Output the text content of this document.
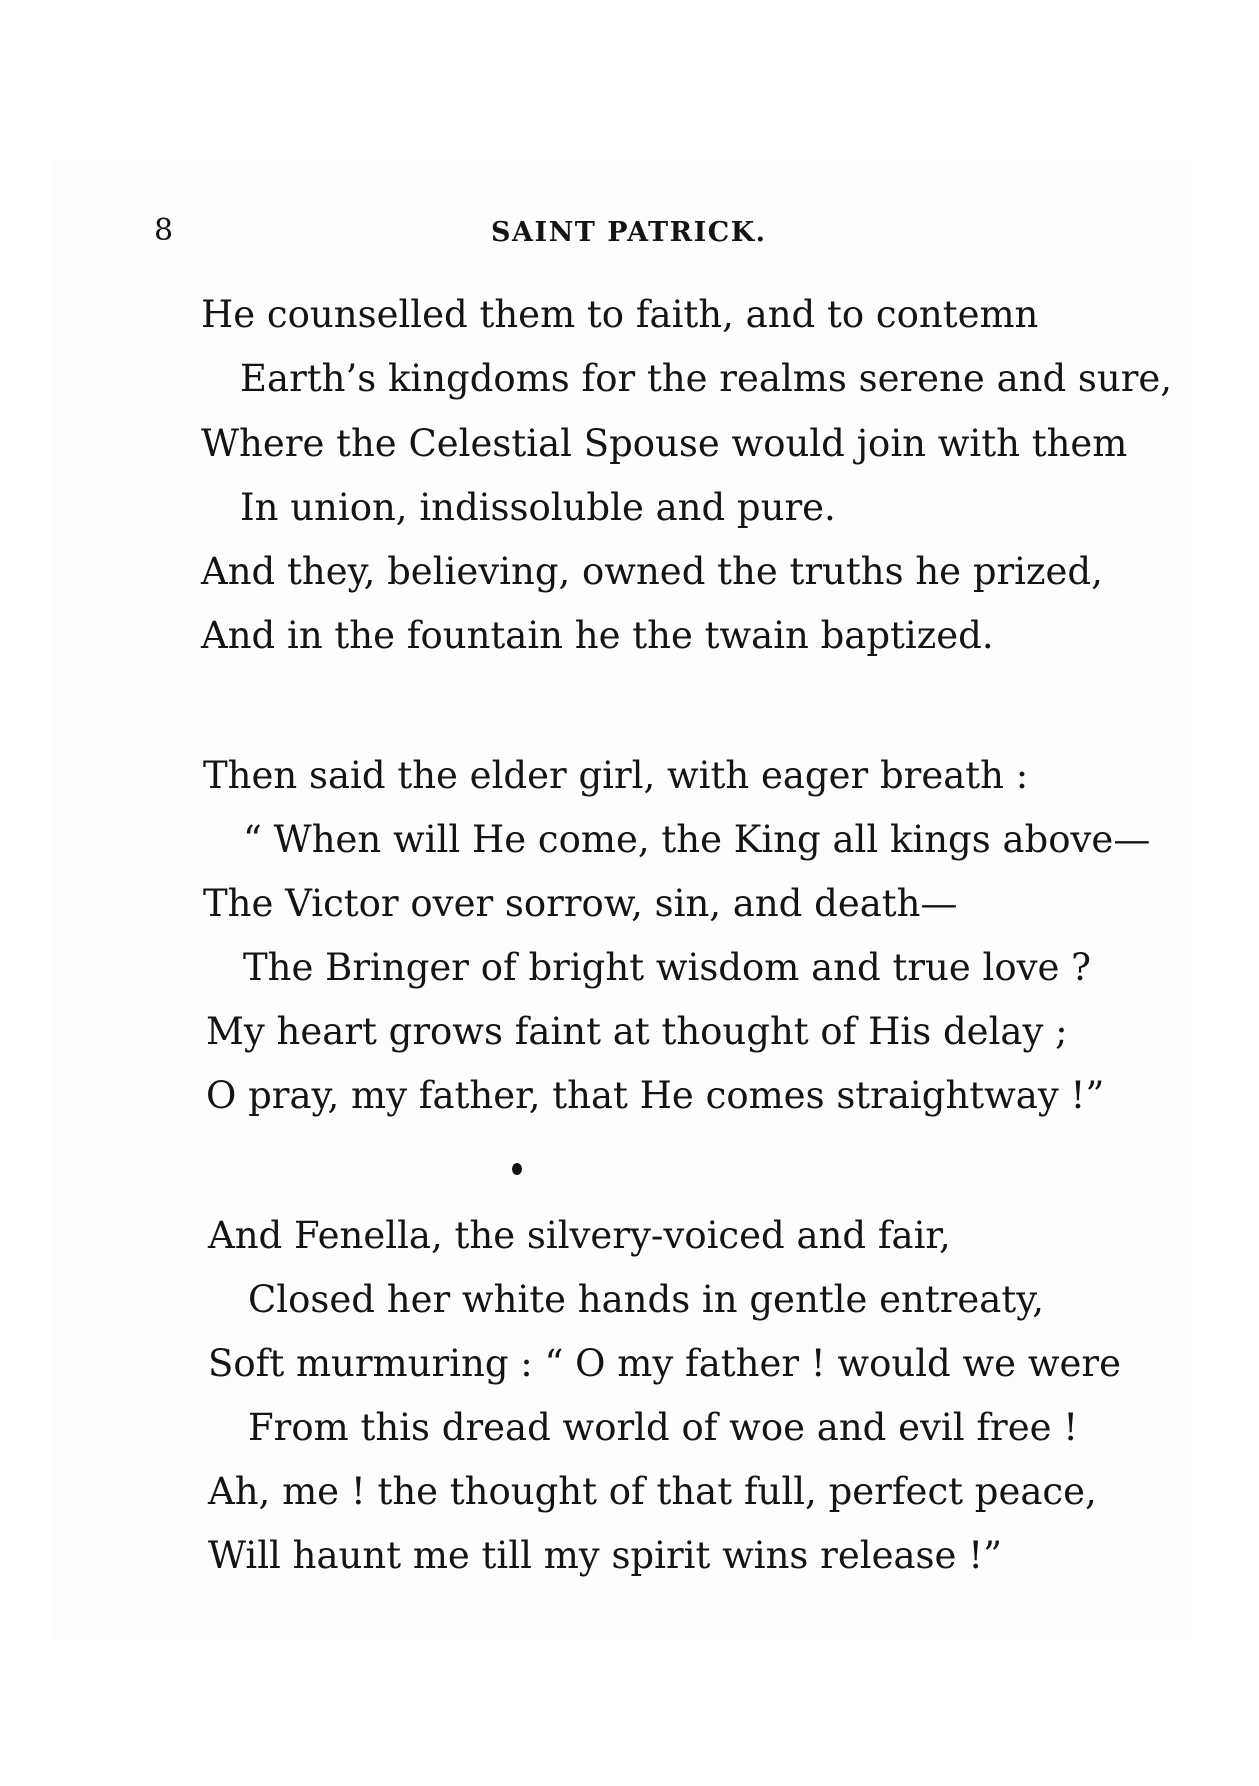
8	SAINT PATRICK.
He counselled them to faith, and to contemn
Earth’s kingdoms for the realms serene and sure,
Where the Celestial Spouse would join with them
In union, indissoluble and pure.
And they, believing, owned the truths he prized,
And in the fountain he the twain baptized.
Then said the elder girl, with eager breath :
“ When will He come, the King all kings above—
The Victor over sorrow, sin, and death—
The Bringer of bright wisdom and true love ?
My heart grows faint at thought of His delay ;
O pray, my father, that He comes straightway !”
And Fenella, the silvery-voiced and fair,
Closed her white hands in gentle entreaty,
Soft murmuring : “ O my father ! would we were
From this dread world of woe and evil free !
Ah, me ! the thought of that full, perfect peace,
Will haunt me till my spirit wins release !”
